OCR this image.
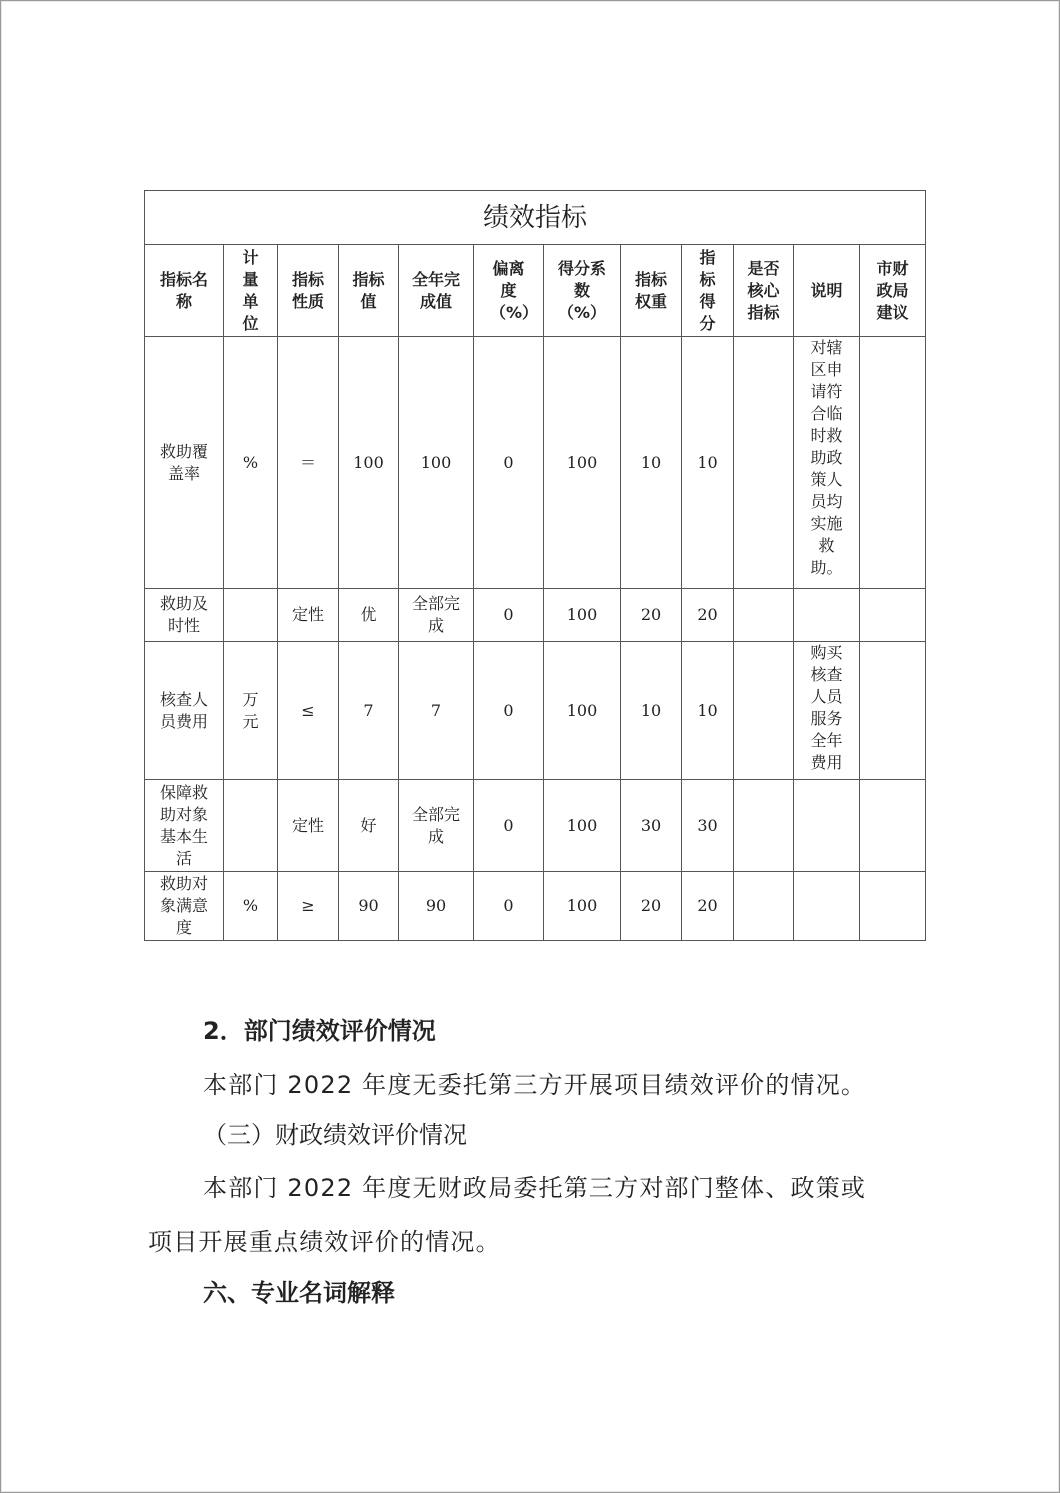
绩效指标											
指标名称	计量单位	指标性质	指标值	全年完成值	偏离度（%）	得分系数（%）	指标权重	指标得分	是否核心指标	说明	市财政局建议
救助覆盖率	%	＝	100	100	0	100	10	10		对辖区申请符合临时救助政策人员均实施救助。	
救助及时性		定性	优	全部完成	0	100	20	20			
核查人员费用	万元	≤	7	7	0	100	10	10		购买核查人员服务全年费用	
保障救助对象基本生活		定性	好	全部完成	0	100	30	30			
救助对象满意度	%	≥	90	90	0	100	20	20			

2．部门绩效评价情况

本部门 2022 年度无委托第三方开展项目绩效评价的情况。

（三）财政绩效评价情况

本部门 2022 年度无财政局委托第三方对部门整体、政策或

项目开展重点绩效评价的情况。

六、专业名词解释
